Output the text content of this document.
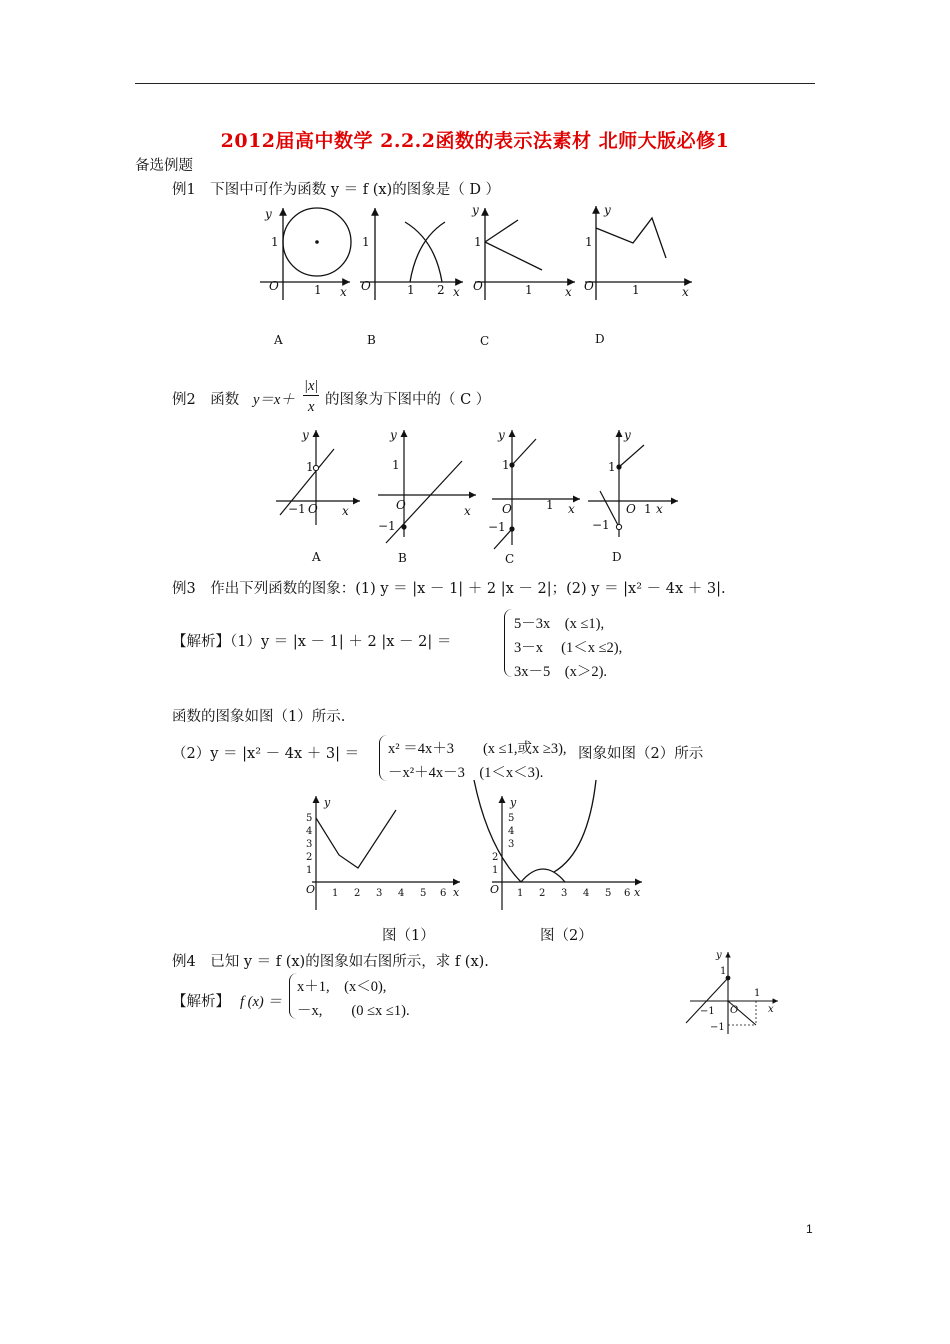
2012届高中数学 2.2.2函数的表示法素材 北师大版必修1
备选例题
例1　下图中可作为函数 y ＝ f (x)的图象是（ D ）
y
1
O	1 x
1
O	1 2 x
y
1
O	1	x
y
1
O	1	x
A	B	C	D
例2　函数 y＝x＋
|x|
x 的图象为下图中的（ C ）
y
1
−1 O x
y
1
O
−1
x
y
1
O
−1
1 x
y
1
O
−1
1 x
A	B	C	D
例3　作出下列函数的图象：(1) y ＝ |x － 1| ＋ 2 |x － 2|；(2) y ＝ |x² － 4x ＋ 3|.
【解析】（1）y ＝ |x － 1| ＋ 2 |x － 2| ＝
5－3x　(x ≤1),
3－x　 (1＜x ≤2),
3x－5　(x＞2).
函数的图象如图（1）所示.
（2）y ＝ |x² － 4x ＋ 3| ＝ x² ＝4x＋3　　(x ≤1,或x ≥3),
－x²＋4x－3　(1＜x＜3).
图象如图（2）所示
y
5
4
3
2
1
O 1 2 3 4 5 6 x
y
5
4
3
2
1
O 1 2 3 4 5 6 x
图（1）	图（2）
例4　已知 y ＝ f (x)的图象如右图所示，求 f (x).
【解析】 f (x) ＝
x＋1,　(x＜0),
－x,　　(0 ≤x ≤1).
y
1
−1 O
1
−1
x
1
